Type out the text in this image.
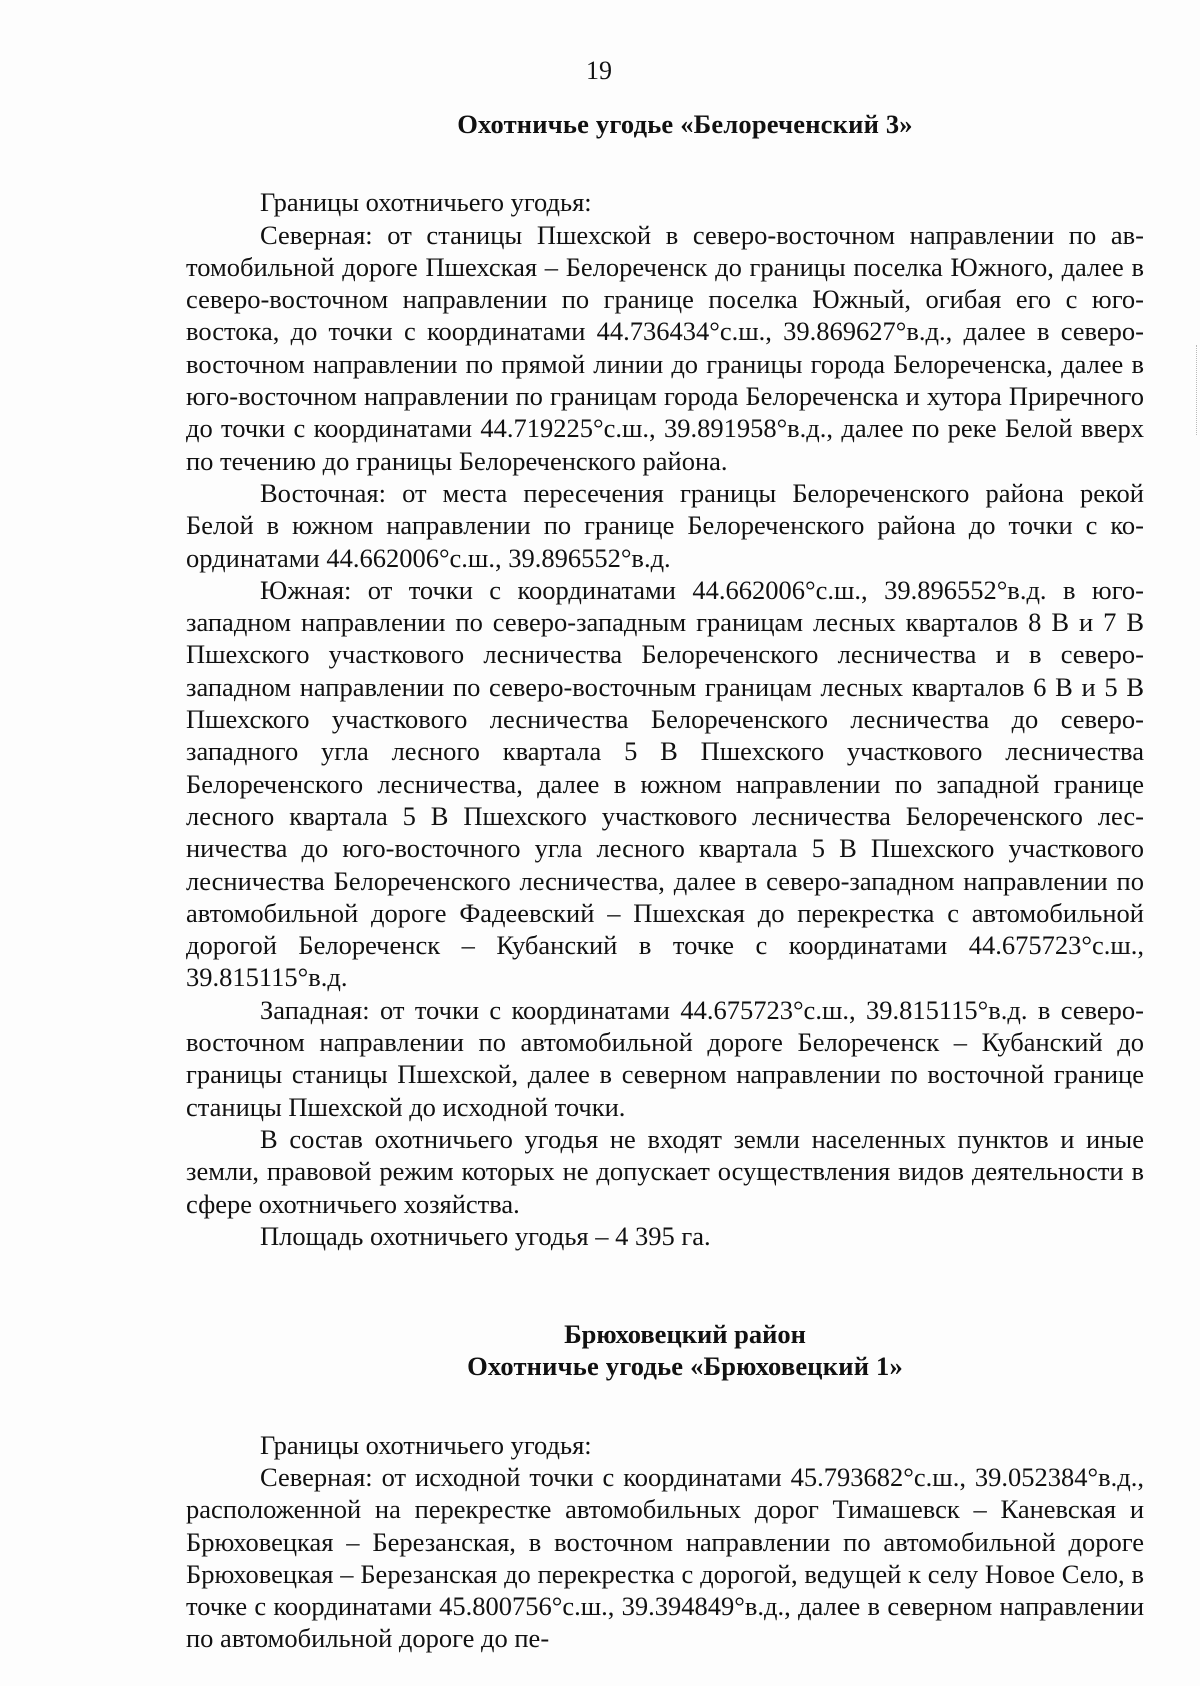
19
Охотничье угодье «Белореченский 3»

Границы охотничьего угодья:

Северная: от станицы Пшехской в северо-восточном направлении по автомобильной дороге Пшехская – Белореченск до границы поселка Южного, далее в северо-восточном направлении по границе поселка Южный, огибая его с юго-востока, до точки с координатами 44.736434°с.ш., 39.869627°в.д., далее в северо-восточном направлении по прямой линии до границы города Белореченска, далее в юго-восточном направлении по границам города Белореченска и хутора Приречного до точки с координатами 44.719225°с.ш., 39.891958°в.д., далее по реке Белой вверх по течению до границы Белореченского района.

Восточная: от места пересечения границы Белореченского района рекой Белой в южном направлении по границе Белореченского района до точки с координатами 44.662006°с.ш., 39.896552°в.д.

Южная: от точки с координатами 44.662006°с.ш., 39.896552°в.д. в юго-западном направлении по северо-западным границам лесных кварталов 8 В и 7 В Пшехского участкового лесничества Белореченского лесничества и в северо-западном направлении по северо-восточным границам лесных кварталов 6 В и 5 В Пшехского участкового лесничества Белореченского лесничества до северо-западного угла лесного квартала 5 В Пшехского участкового лесничества Белореченского лесничества, далее в южном направлении по западной границе лесного квартала 5 В Пшехского участкового лесничества Белореченского лесничества до юго-восточного угла лесного квартала 5 В Пшехского участкового лесничества Белореченского лесничества, далее в северо-западном направлении по автомобильной дороге Фадеевский – Пшехская до перекрестка с автомобильной дорогой Белореченск – Кубанский в точке с координатами 44.675723°с.ш., 39.815115°в.д.

Западная: от точки с координатами 44.675723°с.ш., 39.815115°в.д. в северо-восточном направлении по автомобильной дороге Белореченск – Кубанский до границы станицы Пшехской, далее в северном направлении по восточной границе станицы Пшехской до исходной точки.

В состав охотничьего угодья не входят земли населенных пунктов и иные земли, правовой режим которых не допускает осуществления видов деятельности в сфере охотничьего хозяйства.

Площадь охотничьего угодья – 4 395 га.

Брюховецкий район
Охотничье угодье «Брюховецкий 1»

Границы охотничьего угодья:

Северная: от исходной точки с координатами 45.793682°с.ш., 39.052384°в.д., расположенной на перекрестке автомобильных дорог Тимашевск – Каневская и Брюховецкая – Березанская, в восточном направлении по автомобильной дороге Брюховецкая – Березанская до перекрестка с дорогой, ведущей к селу Новое Село, в точке с координатами 45.800756°с.ш., 39.394849°в.д., далее в северном направлении по автомобильной дороге до пе-
